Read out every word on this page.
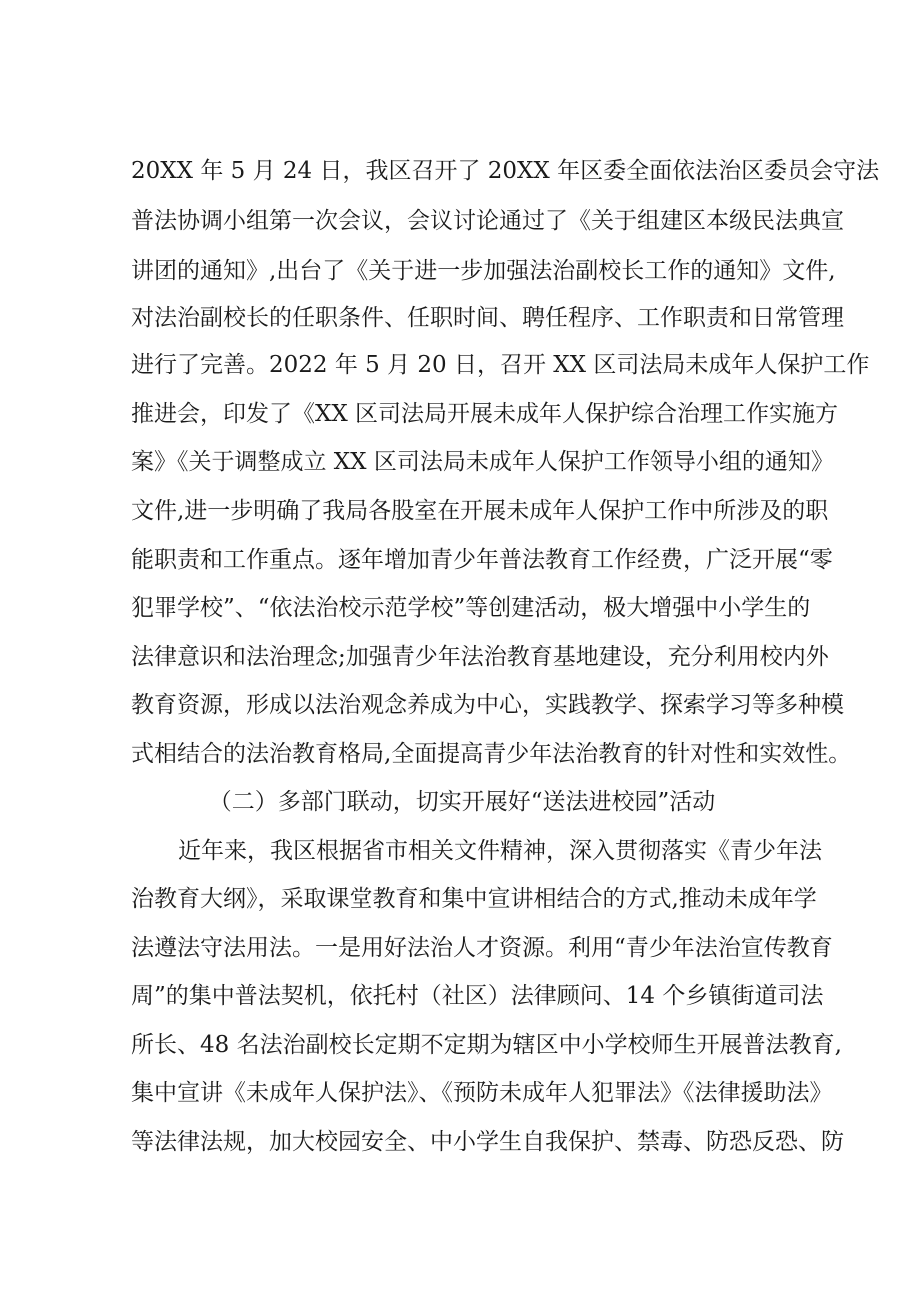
20XX 年 5 月 24 日，我区召开了 20XX 年区委全面依法治区委员会守法
普法协调小组第一次会议，会议讨论通过了《关于组建区本级民法典宣
讲团的通知》,出台了《关于进一步加强法治副校长工作的通知》文件,
对法治副校长的任职条件、任职时间、聘任程序、工作职责和日常管理
进行了完善。2022 年 5 月 20 日，召开 XX 区司法局未成年人保护工作
推进会，印发了《XX 区司法局开展未成年人保护综合治理工作实施方
案》《关于调整成立 XX 区司法局未成年人保护工作领导小组的通知》
文件,进一步明确了我局各股室在开展未成年人保护工作中所涉及的职
能职责和工作重点。逐年增加青少年普法教育工作经费，广泛开展“零
犯罪学校”、“依法治校示范学校”等创建活动，极大增强中小学生的
法律意识和法治理念;加强青少年法治教育基地建设，充分利用校内外
教育资源，形成以法治观念养成为中心，实践教学、探索学习等多种模
式相结合的法治教育格局,全面提高青少年法治教育的针对性和实效性。
（二）多部门联动，切实开展好“送法进校园”活动
近年来，我区根据省市相关文件精神，深入贯彻落实《青少年法
治教育大纲》，采取课堂教育和集中宣讲相结合的方式,推动未成年学
法遵法守法用法。一是用好法治人才资源。利用“青少年法治宣传教育
周”的集中普法契机，依托村（社区）法律顾问、14 个乡镇街道司法
所长、48 名法治副校长定期不定期为辖区中小学校师生开展普法教育,
集中宣讲《未成年人保护法》、《预防未成年人犯罪法》《法律援助法》
等法律法规，加大校园安全、中小学生自我保护、禁毒、防恐反恐、防
